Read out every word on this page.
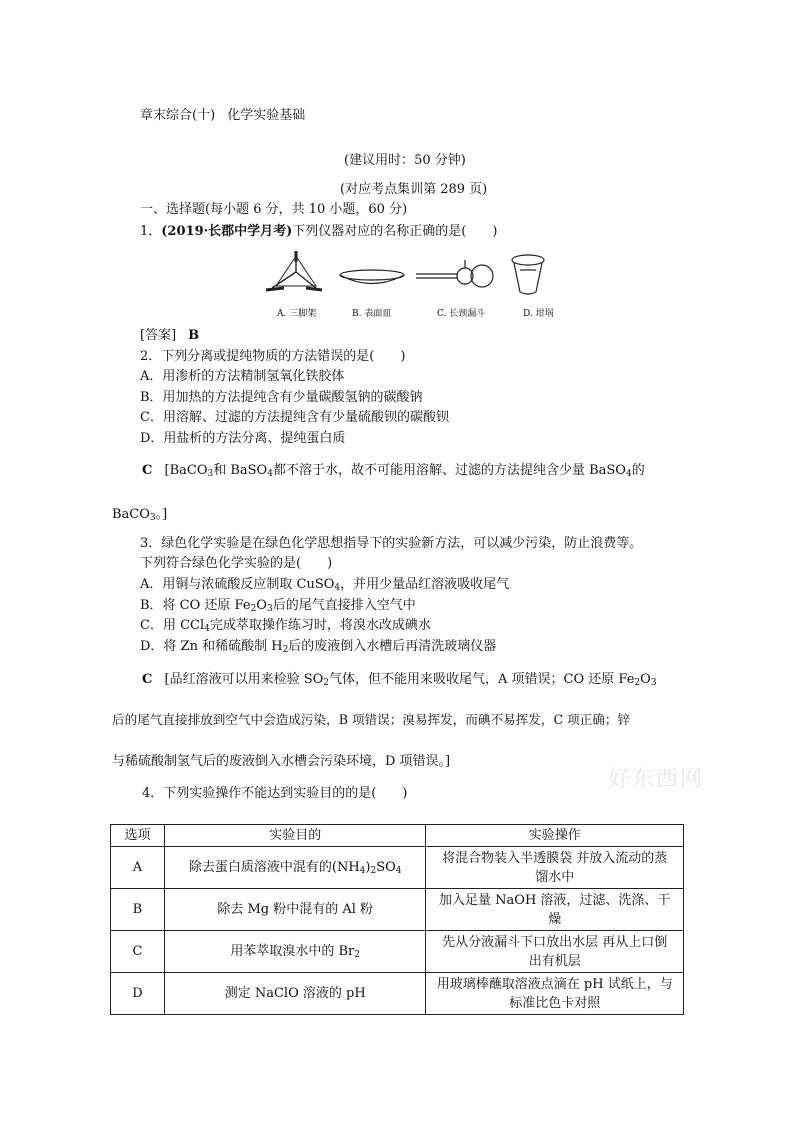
章末综合(十) 化学实验基础
(建议用时：50 分钟)
(对应考点集训第 289 页)
一、选择题(每小题 6 分，共 10 小题，60 分)
1．(2019·长郡中学月考)下列仪器对应的名称正确的是(　　)
A. 三脚架	B. 表面皿	C. 长颈漏斗	D. 坩埚
[答案] B
2．下列分离或提纯物质的方法错误的是(　　)
A．用渗析的方法精制氢氧化铁胶体
B．用加热的方法提纯含有少量碳酸氢钠的碳酸钠
C．用溶解、过滤的方法提纯含有少量硫酸钡的碳酸钡
D．用盐析的方法分离、提纯蛋白质
C [BaCO$_3$和 BaSO$_4$都不溶于水，故不可能用溶解、过滤的方法提纯含少量 BaSO$_4$的
BaCO$_3$。]
3．绿色化学实验是在绿色化学思想指导下的实验新方法，可以减少污染，防止浪费等。
下列符合绿色化学实验的是(　　)
A．用铜与浓硫酸反应制取 CuSO$_4$，并用少量品红溶液吸收尾气
B．将 CO 还原 $Fe_2O_3$后的尾气直接排入空气中
C．用 CCl$_4$完成萃取操作练习时，将溴水改成碘水
D．将 Zn 和稀硫酸制 $H_2$后的废液倒入水槽后再清洗玻璃仪器
C [品红溶液可以用来检验 $SO_2$气体，但不能用来吸收尾气，A 项错误；CO 还原 $Fe_2O_3$
后的尾气直接排放到空气中会造成污染，B 项错误；溴易挥发，而碘不易挥发，C 项正确；锌
与稀硫酸制氢气后的废液倒入水槽会污染环境，D 项错误。]
好东西网
4．下列实验操作不能达到实验目的的是(　　)
选项	实验目的	实验操作
A	除去蛋白质溶液中混有的$(NH_4)_2SO_4$	将混合物装入半透膜袋 并放入流动的蒸
馏水中

B	除去 Mg 粉中混有的 Al 粉	加入足量 NaOH 溶液，过滤、洗涤、干
燥

C	用苯萃取溴水中的 $Br_2$	先从分液漏斗下口放出水层 再从上口倒
出有机层

D	测定 NaClO 溶液的 pH	用玻璃棒蘸取溶液点滴在 pH 试纸上，与
标准比色卡对照
